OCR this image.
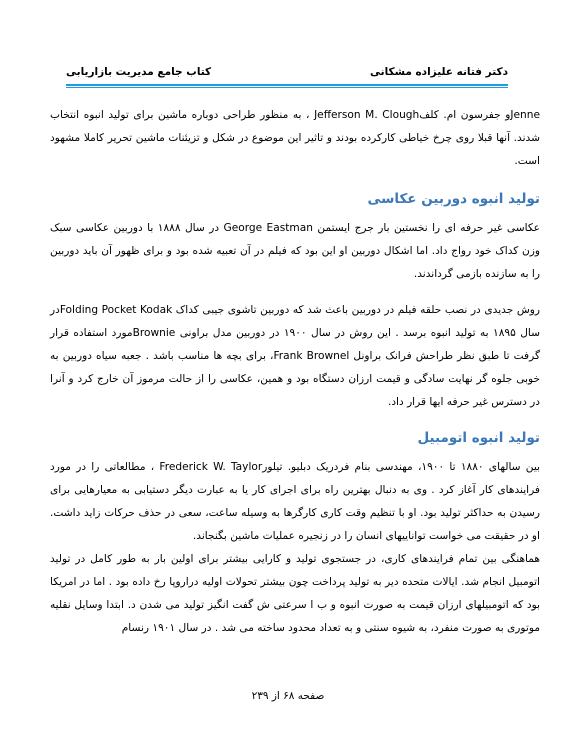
دکتر فتانه علیزاده مشکانی
کتاب جامع مدیریت بازاریابی

Jenneو جفرسون ام. کلفJefferson M. Clough ، به منظور طراحی دوباره ماشین برای تولید انبوه انتخاب شدند. آنها قبلا روی چرخ خیاطی کارکرده بودند و تاثیر این موضوع در شکل و تزیئنات ماشین تحریر کاملا مشهود است.

تولید انبوه دوربین عکاسی

عکاسی غیر حرفه ای را نخستین بار جرج ایستمن George Eastman در سال ۱۸۸۸ با دوربین عکاسی سبک وزن کداک خود رواج داد. اما اشکال دوربین او این بود که فیلم در آن تعبیه شده بود و برای ظهور آن باید دوربین را به سازنده بازمی گرداندند.

روش جدیدی در نصب حلقه فیلم در دوربین باعث شد که دوربین تاشوی جیبی کداک Folding Pocket Kodakدر سال ۱۸۹۵ به تولید انبوه برسد . این روش در سال ۱۹۰۰ در دوربین مدل براونی Brownieمورد استفاده قرار گرفت تا طبق نظر طراحش فرانک براونل Frank Brownel، برای بچه ها مناسب باشد . جعبه سیاه دوربین به خوبی جلوه گر نهایت سادگی و قیمت ارزان دستگاه بود و همین، عکاسی را از حالت مرموز آن خارج کرد و آنرا در دسترس غیر حرفه ایها قرار داد.

تولید انبوه اتومبیل

بین سالهای ۱۸۸۰ تا ۱۹۰۰، مهندسی بنام فردریک دبلیو. تیلورFrederick W. Taylor ، مطالعاتی را در مورد فرایندهای کار آغاز کرد . وی به دنبال بهترین راه برای اجرای کار یا به عبارت دیگر دستیابی به معیارهایی برای رسیدن به حداکثر تولید بود. او با تنظیم وقت کاری کارگرها به وسیله ساعت، سعی در حذف حرکات زاید داشت. او در حقیقت می خواست تواناییهای انسان را در زنجیره عملیات ماشین بگنجاند.

هماهنگی بین تمام فرایندهای کاری، در جستجوی تولید و کارایی بیشتر برای اولین بار به طور کامل در تولید اتومبیل انجام شد. ایالات متحده دیر به تولید پرداخت چون بیشتر تحولات اولیه دراروپا رخ داده بود . اما در امریکا بود که اتومبیلهای ارزان قیمت به صورت انبوه و ب ا سرعتی ش گفت انگیز تولید می شدن د. ابتدا وسایل نقلیه موتوری به صورت منفرد، به شیوه سنتی و به تعداد محدود ساخته می شد . در سال ۱۹۰۱ رنسام

صفحه ۶۸ از ۲۳۹
